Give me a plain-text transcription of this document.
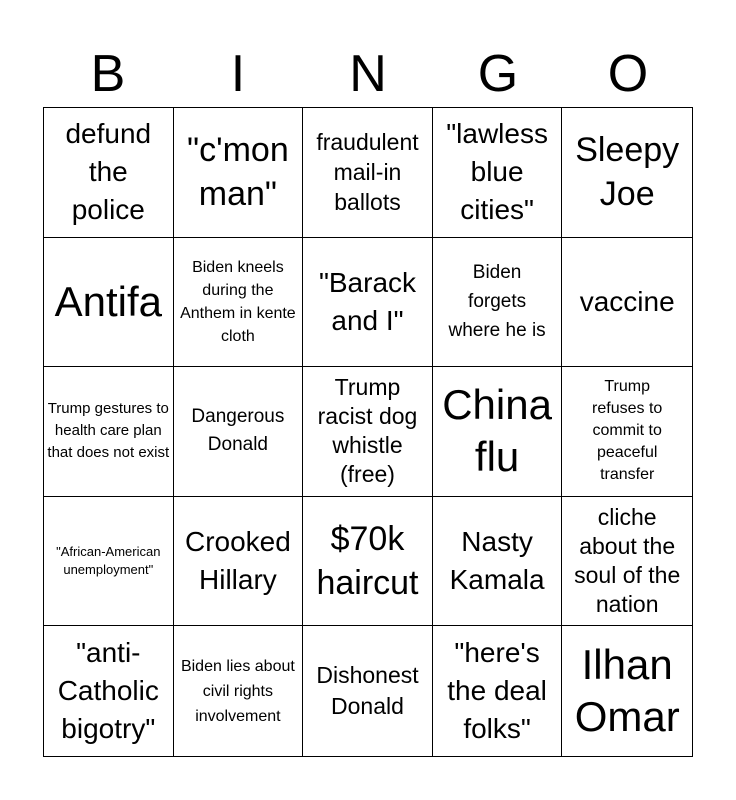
B	I	N	G	O
defund the police
"c'mon man"
fraudulent mail-in ballots
"lawless blue cities"
Sleepy Joe
Antifa
Biden kneels during the Anthem in kente cloth
"Barack and I"
Biden forgets where he is
vaccine
Trump gestures to health care plan that does not exist
Dangerous Donald
Trump racist dog whistle (free)
China flu
Trump refuses to commit to peaceful transfer
"African-American unemployment"
Crooked Hillary
$70k haircut
Nasty Kamala
cliche about the soul of the nation
"anti-Catholic bigotry"
Biden lies about civil rights involvement
Dishonest Donald
"here's the deal folks"
Ilhan Omar
